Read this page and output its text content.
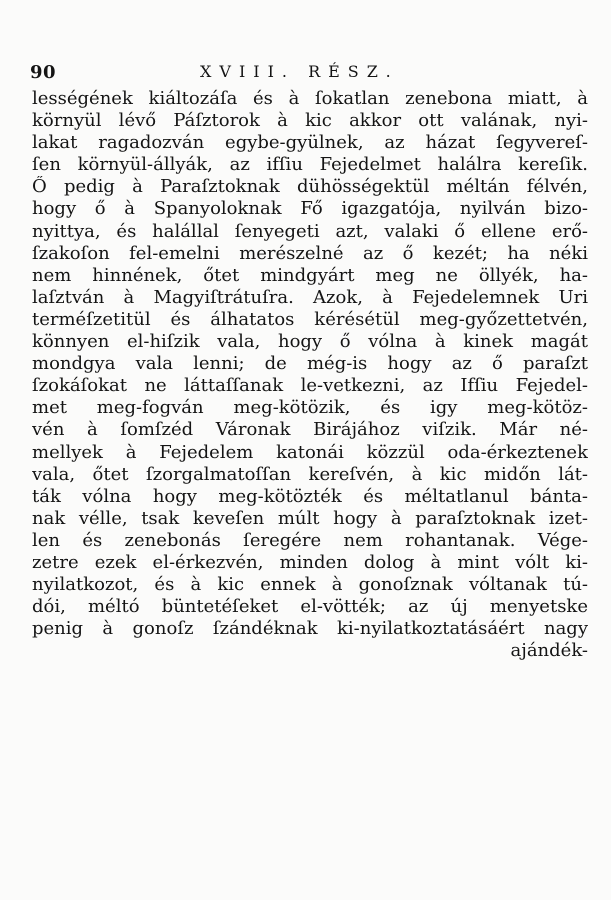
90	XVIII. RÉSZ.
lességének kiáltozáſa és à ſokatlan zenebona miatt, à
környül lévő Páſztorok à kic akkor ott valának, nyi-
lakat ragadozván egybe-gyülnek, az házat ſegyvereſ-
ſen környül-állyák, az ifſiu Fejedelmet halálra kereſik.
Ő pedig à Paraſztoknak dühösségektül méltán félvén,
hogy ő à Spanyoloknak Fő igazgatója, nyilván bizo-
nyittya, és halállal ſenyegeti azt, valaki ő ellene erő-
ſzakoſon fel-emelni merészelné az ő kezét; ha néki
nem hinnének, őtet mindgyárt meg ne öllyék, ha-
laſztván à Magyiſtrátuſra. Azok, à Fejedelemnek Uri
terméſzetitül és álhatatos kérésétül meg-győzettetvén,
könnyen el-hiſzik vala, hogy ő vólna à kinek magát
mondgya vala lenni; de még-is hogy az ő paraſzt
ſzokáſokat ne láttaſſanak le-vetkezni, az Ifſiu Fejedel-
met meg-fogván meg-kötözik, és igy meg-kötöz-
vén à ſomſzéd Váronak Birájához viſzik. Már né-
mellyek à Fejedelem katonái közzül oda-érkeztenek
vala, őtet ſzorgalmatoſſan kereſvén, à kic midőn lát-
ták vólna hogy meg-kötözték és méltatlanul bánta-
nak vélle, tsak keveſen múlt hogy à paraſztoknak izet-
len és zenebonás ſeregére nem rohantanak. Vége-
zetre ezek el-érkezvén, minden dolog à mint vólt ki-
nyilatkozot, és à kic ennek à gonoſznak vóltanak tú-
dói, méltó büntetéſeket el-vötték; az új menyetske
penig à gonoſz ſzándéknak ki-nyilatkoztatásáért nagy
ajándék-
